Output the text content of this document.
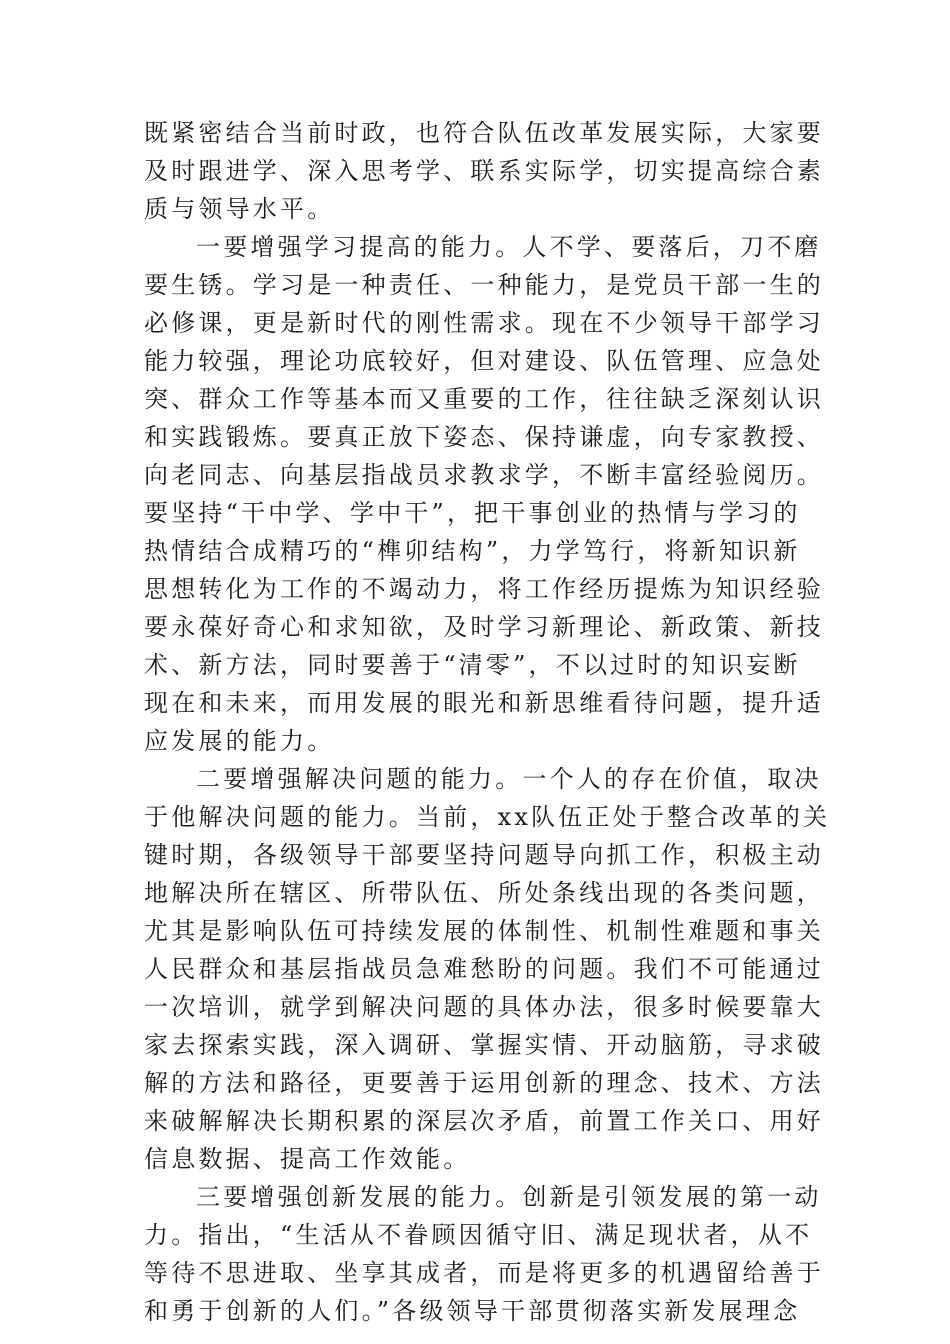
既紧密结合当前时政，也符合队伍改革发展实际，大家要
及时跟进学、深入思考学、联系实际学，切实提高综合素
质与领导水平。
一要增强学习提高的能力。人不学、要落后，刀不磨
要生锈。学习是一种责任、一种能力，是党员干部一生的
必修课，更是新时代的刚性需求。现在不少领导干部学习
能力较强，理论功底较好，但对建设、队伍管理、应急处
突、群众工作等基本而又重要的工作，往往缺乏深刻认识
和实践锻炼。要真正放下姿态、保持谦虚，向专家教授、
向老同志、向基层指战员求教求学，不断丰富经验阅历。
要坚持“干中学、学中干”，把干事创业的热情与学习的
热情结合成精巧的“榫卯结构”，力学笃行，将新知识新
思想转化为工作的不竭动力，将工作经历提炼为知识经验
要永葆好奇心和求知欲，及时学习新理论、新政策、新技
术、新方法，同时要善于“清零”，不以过时的知识妄断
现在和未来，而用发展的眼光和新思维看待问题，提升适
应发展的能力。
二要增强解决问题的能力。一个人的存在价值，取决
于他解决问题的能力。当前，xx队伍正处于整合改革的关
键时期，各级领导干部要坚持问题导向抓工作，积极主动
地解决所在辖区、所带队伍、所处条线出现的各类问题，
尤其是影响队伍可持续发展的体制性、机制性难题和事关
人民群众和基层指战员急难愁盼的问题。我们不可能通过
一次培训，就学到解决问题的具体办法，很多时候要靠大
家去探索实践，深入调研、掌握实情、开动脑筋，寻求破
解的方法和路径，更要善于运用创新的理念、技术、方法
来破解解决长期积累的深层次矛盾，前置工作关口、用好
信息数据、提高工作效能。
三要增强创新发展的能力。创新是引领发展的第一动
力。指出，“生活从不眷顾因循守旧、满足现状者，从不
等待不思进取、坐享其成者，而是将更多的机遇留给善于
和勇于创新的人们。”各级领导干部贯彻落实新发展理念
